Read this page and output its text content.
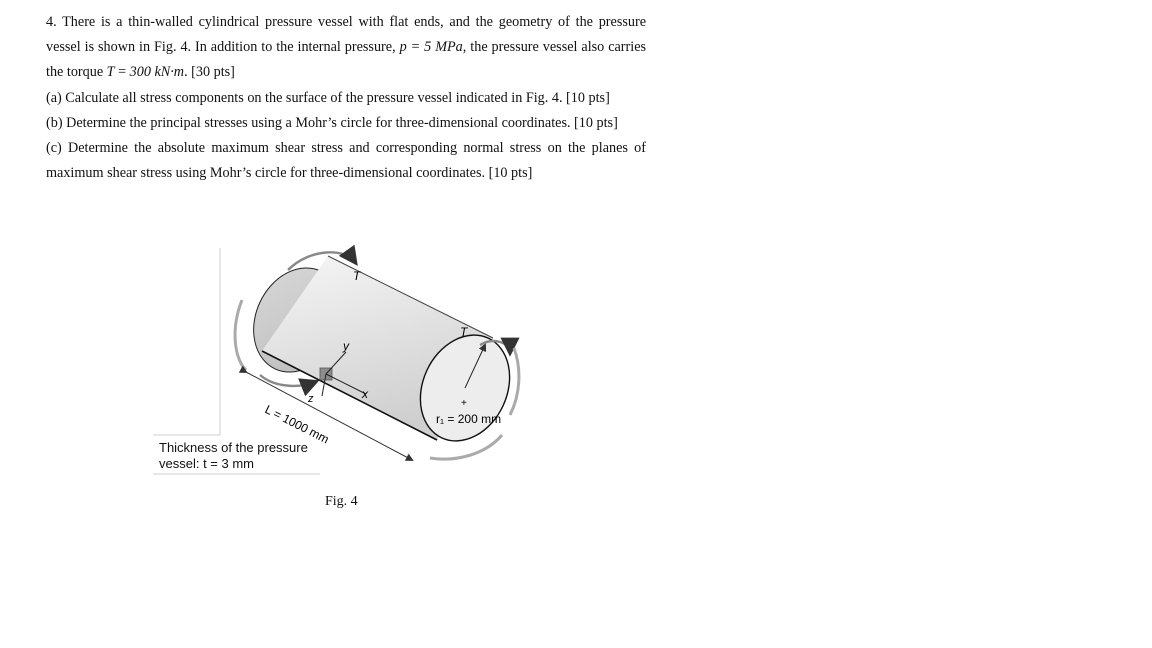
4. There is a thin-walled cylindrical pressure vessel with flat ends, and the geometry of the pressure vessel is shown in Fig. 4. In addition to the internal pressure, p = 5 MPa, the pressure vessel also carries the torque T = 300 kN·m. [30 pts]

(a) Calculate all stress components on the surface of the pressure vessel indicated in Fig. 4. [10 pts]

(b) Determine the principal stresses using a Mohr’s circle for three-dimensional coordinates. [10 pts]

(c) Determine the absolute maximum shear stress and corresponding normal stress on the planes of maximum shear stress using Mohr’s circle for three-dimensional coordinates. [10 pts]

+
T
T
y
x
z
L = 1000 mm	r₁ = 200 mm
Thickness of the pressure
vessel: t = 3 mm
Fig. 4
